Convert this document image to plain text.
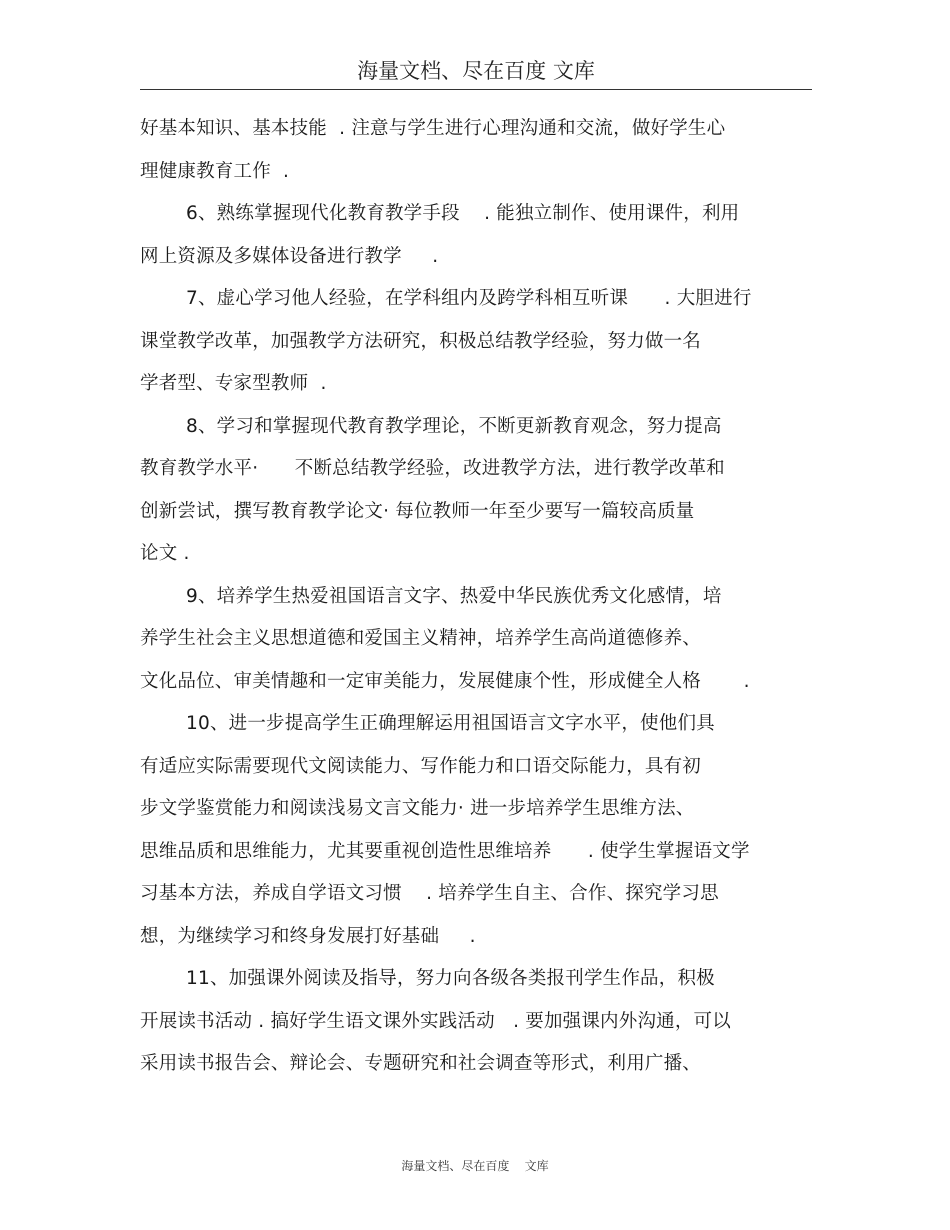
海量文档、尽在百度 文库
好基本知识、基本技能  . 注意与学生进行心理沟通和交流，做好学生心
理健康教育工作  .
6、熟练掌握现代化教育教学手段    . 能独立制作、使用课件，利用
网上资源及多媒体设备进行教学     .
7、虚心学习他人经验，在学科组内及跨学科相互听课      . 大胆进行
课堂教学改革，加强教学方法研究，积极总结教学经验，努力做一名
学者型、专家型教师  .
8、学习和掌握现代教育教学理论，不断更新教育观念，努力提高
教育教学水平·      不断总结教学经验，改进教学方法，进行教学改革和
创新尝试，撰写教育教学论文· 每位教师一年至少要写一篇较高质量
论文 .
9、培养学生热爱祖国语言文字、热爱中华民族优秀文化感情，培
养学生社会主义思想道德和爱国主义精神，培养学生高尚道德修养、
文化品位、审美情趣和一定审美能力，发展健康个性，形成健全人格       .
10、进一步提高学生正确理解运用祖国语言文字水平，使他们具
有适应实际需要现代文阅读能力、写作能力和口语交际能力，具有初
步文学鉴赏能力和阅读浅易文言文能力· 进一步培养学生思维方法、
思维品质和思维能力，尤其要重视创造性思维培养      . 使学生掌握语文学
习基本方法，养成自学语文习惯    . 培养学生自主、合作、探究学习思
想，为继续学习和终身发展打好基础     .
11、加强课外阅读及指导，努力向各级各类报刊学生作品，积极
开展读书活动 . 搞好学生语文课外实践活动   . 要加强课内外沟通，可以
采用读书报告会、辩论会、专题研究和社会调查等形式，利用广播、
海量文档、尽在百度    文库
